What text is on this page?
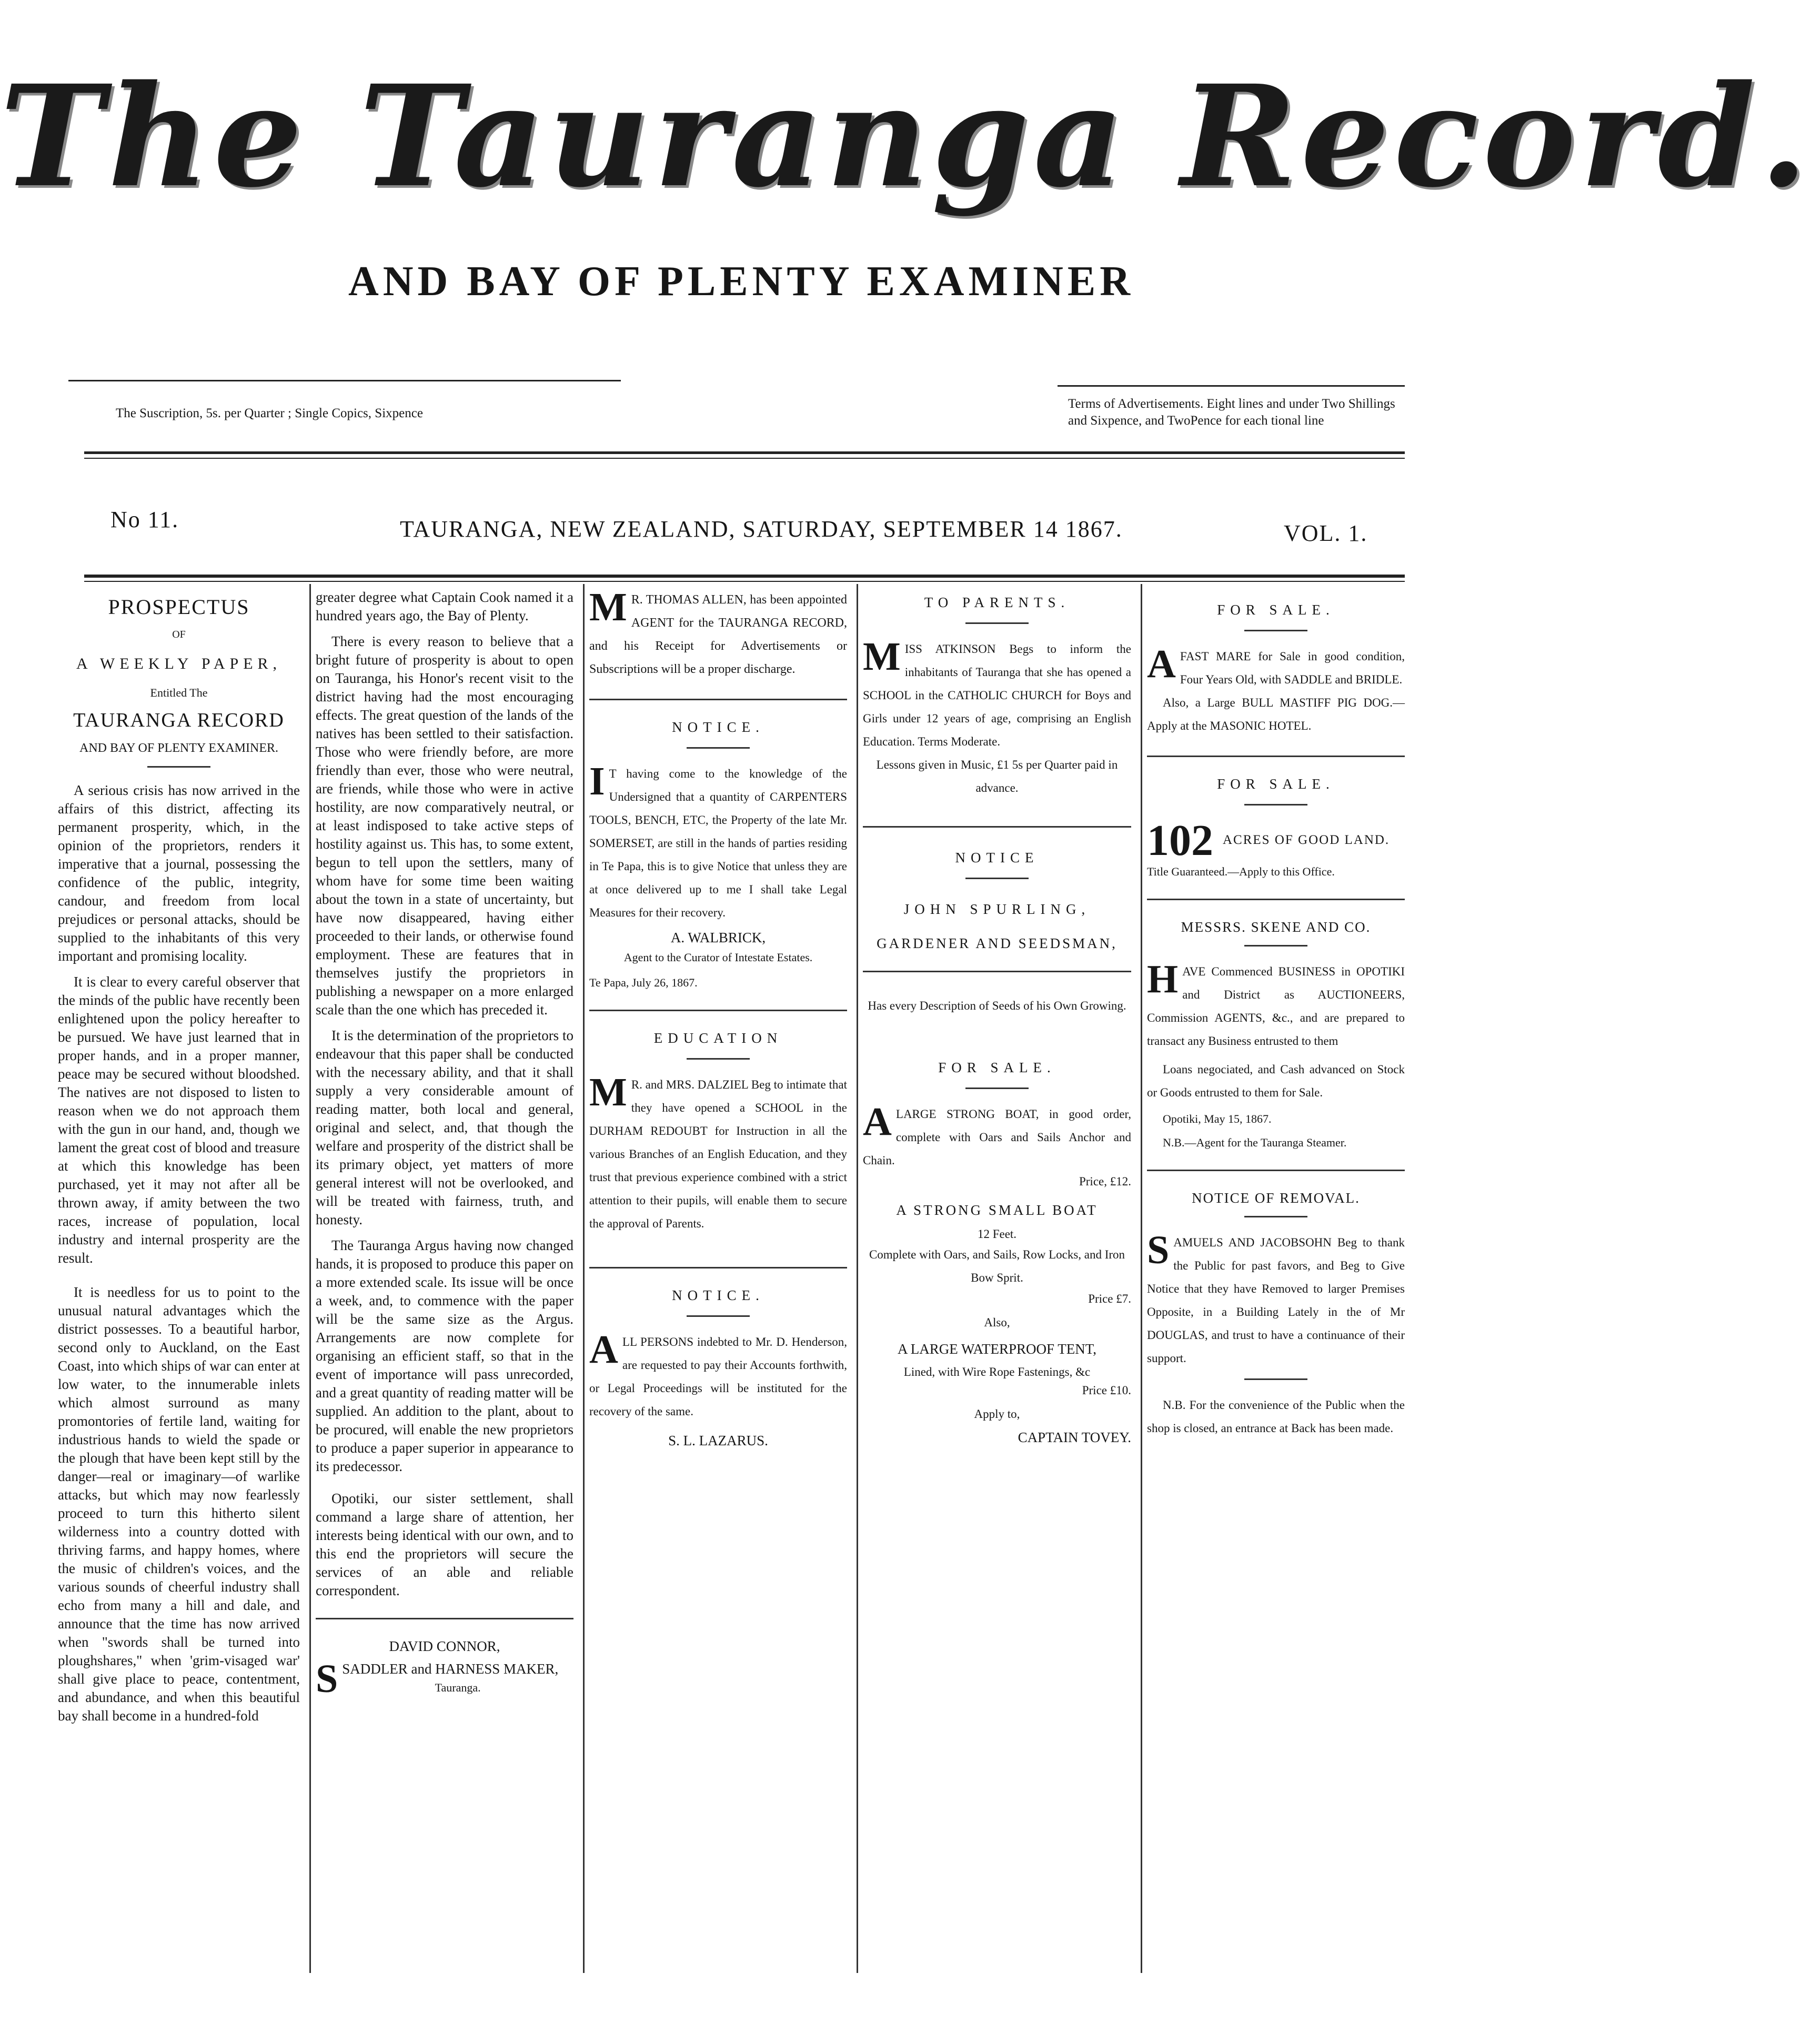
The Tauranga Record.
AND BAY OF PLENTY EXAMINER
The Suscription, 5s. per Quarter ; Single Copics, Sixpence
Terms of Advertisements. Eight lines and under Two Shillings and Sixpence, and TwoPence for each tional line
No 11.	TAURANGA, NEW ZEALAND, SATURDAY, SEPTEMBER 14 1867.	VOL. 1.
PROSPECTUS
OF
A WEEKLY PAPER,
Entitled The
TAURANGA RECORD
AND BAY OF PLENTY EXAMINER.

A serious crisis has now arrived in the affairs of this district, affecting its permanent prosperity, which, in the opinion of the proprietors, renders it imperative that a journal, possessing the confidence of the public, integrity, candour, and freedom from local prejudices or personal attacks, should be supplied to the inhabitants of this very important and promising locality.

It is clear to every careful observer that the minds of the public have recently been enlightened upon the policy hereafter to be pursued. We have just learned that in proper hands, and in a proper manner, peace may be secured without bloodshed. The natives are not disposed to listen to reason when we do not approach them with the gun in our hand, and, though we lament the great cost of blood and treasure at which this knowledge has been purchased, yet it may not after all be thrown away, if amity between the two races, increase of population, local industry and internal prosperity are the result.

It is needless for us to point to the unusual natural advantages which the district possesses. To a beautiful harbor, second only to Auckland, on the East Coast, into which ships of war can enter at low water, to the innumerable inlets which almost surround as many promontories of fertile land, waiting for industrious hands to wield the spade or the plough that have been kept still by the danger—real or imaginary—of warlike attacks, but which may now fearlessly proceed to turn this hitherto silent wilderness into a country dotted with thriving farms, and happy homes, where the music of children's voices, and the various sounds of cheerful industry shall echo from many a hill and dale, and announce that the time has now arrived when "swords shall be turned into ploughshares," when 'grim-visaged war' shall give place to peace, contentment, and abundance, and when this beautiful bay shall become in a hundred-fold

greater degree what Captain Cook named it a hundred years ago, the Bay of Plenty.

There is every reason to believe that a bright future of prosperity is about to open on Tauranga, his Honor's recent visit to the district having had the most encouraging effects. The great question of the lands of the natives has been settled to their satisfaction. Those who were friendly before, are more friendly than ever, those who were neutral, are friends, while those who were in active hostility, are now comparatively neutral, or at least indisposed to take active steps of hostility against us. This has, to some extent, begun to tell upon the settlers, many of whom have for some time been waiting about the town in a state of uncertainty, but have now disappeared, having either proceeded to their lands, or otherwise found employment. These are features that in themselves justify the proprietors in publishing a newspaper on a more enlarged scale than the one which has preceded it.

It is the determination of the proprietors to endeavour that this paper shall be conducted with the necessary ability, and that it shall supply a very considerable amount of reading matter, both local and general, original and select, and, that though the welfare and prosperity of the district shall be its primary object, yet matters of more general interest will not be overlooked, and will be treated with fairness, truth, and honesty.

The Tauranga Argus having now changed hands, it is proposed to produce this paper on a more extended scale. Its issue will be once a week, and, to commence with the paper will be the same size as the Argus. Arrangements are now complete for organising an efficient staff, so that in the event of importance will pass unrecorded, and a great quantity of reading matter will be supplied. An addition to the plant, about to be procured, will enable the new proprietors to produce a paper superior in appearance to its predecessor.

Opotiki, our sister settlement, shall command a large share of attention, her interests being identical with our own, and to this end the proprietors will secure the services of an able and reliable correspondent.

DAVID CONNOR,
SSADDLER and HARNESS MAKER,
Tauranga.
M R. THOMAS ALLEN, has been appointed AGENT for the TAURANGA RECORD, and his Receipt for Advertisements or Subscriptions will be a proper discharge.
NOTICE.
I T having come to the knowledge of the Undersigned that a quantity of CARPENTERS TOOLS, BENCH, ETC, the Property of the late Mr. SOMERSET, are still in the hands of parties residing in Te Papa, this is to give Notice that unless they are at once delivered up to me I shall take Legal Measures for their recovery.
A. WALBRICK,
Agent to the Curator of Intestate Estates.
Te Papa, July 26, 1867.
EDUCATION
M R. and MRS. DALZIEL Beg to intimate that they have opened a SCHOOL in the DURHAM REDOUBT for Instruction in all the various Branches of an English Education, and they trust that previous experience combined with a strict attention to their pupils, will enable them to secure the approval of Parents.
NOTICE.
ALL PERSONS indebted to Mr. D. Henderson, are requested to pay their Accounts forthwith, or Legal Proceedings will be instituted for the recovery of the same.
S. L. LAZARUS.
TO PARENTS.
MISS ATKINSON Begs to inform the inhabitants of Tauranga that she has opened a SCHOOL in the CATHOLIC CHURCH for Boys and Girls under 12 years of age, comprising an English Education. Terms Moderate.
Lessons given in Music, £1 5s per Quarter paid in advance.
NOTICE
JOHN SPURLING,
GARDENER AND SEEDSMAN,
Has every Description of Seeds of his Own Growing.
FOR SALE.
ALARGE STRONG BOAT, in good order, complete with Oars and Sails Anchor and Chain.
Price, £12.
A STRONG SMALL BOAT
12 Feet.
Complete with Oars, and Sails, Row Locks, and Iron Bow Sprit.
Price £7.
Also,
A LARGE WATERPROOF TENT,
Lined, with Wire Rope Fastenings, &c
Price £10.
Apply to,
CAPTAIN TOVEY.
FOR SALE.
AFAST MARE for Sale in good condition, Four Years Old, with SADDLE and BRIDLE.
Also, a Large BULL MASTIFF PIG DOG.—Apply at the MASONIC HOTEL.
FOR SALE.
102 ACRES OF GOOD LAND.
Title Guaranteed.—Apply to this Office.
MESSRS. SKENE AND CO.
HAVE Commenced BUSINESS in OPOTIKI and District as AUCTIONEERS, Commission AGENTS, &c., and are prepared to transact any Business entrusted to them
Loans negociated, and Cash advanced on Stock or Goods entrusted to them for Sale.
Opotiki, May 15, 1867.
N.B.—Agent for the Tauranga Steamer.
NOTICE OF REMOVAL.
SAMUELS AND JACOBSOHN Beg to thank the Public for past favors, and Beg to Give Notice that they have Removed to larger Premises Opposite, in a Building Lately in the of Mr DOUGLAS, and trust to have a continuance of their support.
N.B. For the convenience of the Public when the shop is closed, an entrance at Back has been made.
